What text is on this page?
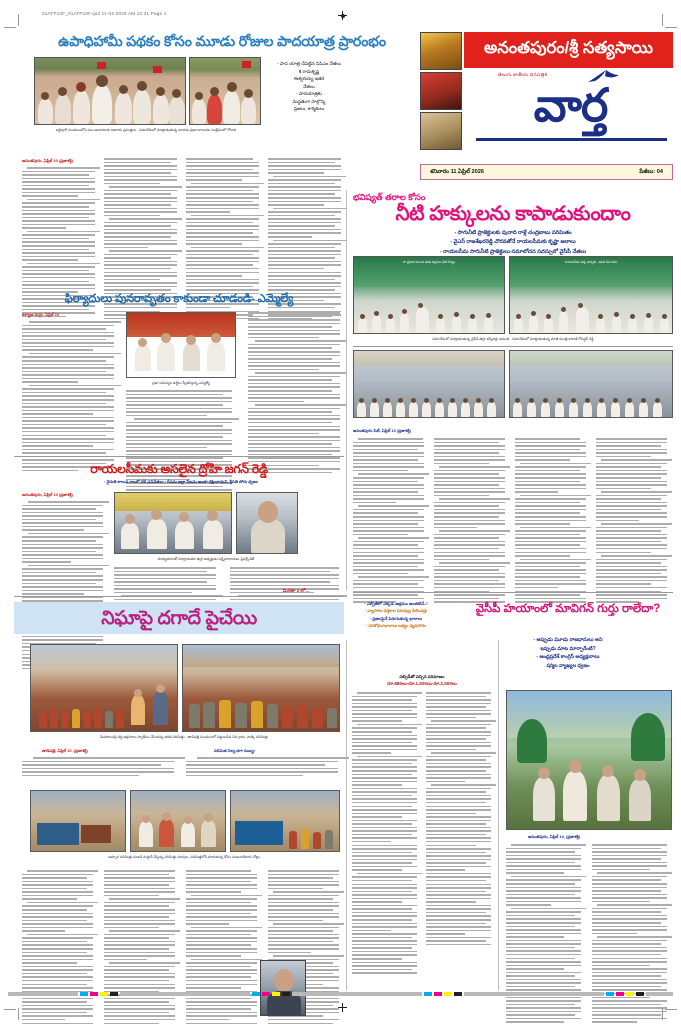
01ATP10F_01ATP10F.qxd 11-04-2026 AM 12:31 Page 1
ఉపాధిహామీ పథకం కోసం మూడు రోజుల పాదయాత్ర ప్రారంభం
బర్దిపూర్ మండలంలోని పలు ఆవాసాలకు ఆదాయ స్రవంత్తుల , సమావేశంలో మాట్లాడుతున్న నాయకు ప్రజల కాలువల సంక్షేమంలో గోదావ
- పాద యాత్ర చేపట్టిన సిపిఎం నేతలు
కె.రామకృష్ణ
ఈశ్వరయ్య ఇతర
నేతలు
- పాదయాత్రకు
మద్దతుగా పాల్గొన్న
ప్రజలు, కార్మికులు
అనంతపురం/శ్రీ సత్యసాయి
తెలుగు జాతీయ దినపత్రిక
వార్త
శనివారం 11 ఏప్రిల్ 2026	పేజీలు: 04
భవిష్యత్ తరాల కోసం
నీటి హక్కులను కాపాడుకుందాం
- సాగునీటి ప్రాజెక్టులకు పునాది రాళ్లే చంద్రబాబు పరిమితం
- వైఎస్ రాజశేఖరరెడ్డి చొరవతోనే రాయలసీమకు కృష్ణా జలాలు
- రాయలసీమ సాగునీటి ప్రాజెక్టులు-సమాలోచన సదస్సులో వైసీపీ నేతలు
నా ప్రధాన కాలువ కడప జిల్లాలు-నీటి సేద్యం	రాయలసీమ వక్క జాగృతి - కడప సేవ దళం
సమావేశంలో మాట్లాడుతున్న వైసీపీ జిల్లా కన్వీనర్లు అనంత , సమావేశంలో మాట్లాడుతున్న మాజీ మంత్రి కాకాణి గోవర్ధన్ రెడ్డి
అనంతపురం సిటీ, ఏప్రిల్ 10 (ప్రజాశక్తి)
అనంతపురం, ఏప్రిల్ 10 (ప్రజాశక్తి)
ఫిర్యాదులు పునరావృతం కాకుండా చూడండి- ఎమ్మెల్యే
ప్రజా సమస్యల అర్జీలు స్వీకరిస్తున్న ఎమ్మెల్యే
కళ్యాణ దుర్గం, ఏప్రిల్ 10
రాయలసీమకు అసలైన ద్రోహి జగన్ రెడ్డి
- నైరుతి కాలువ రాంలో చేరే పనివేతలు - రీసమ జల్లా నీటను అంతా రక్షించాడుని, శ్రీపతి పోరు ధ్వజం
మాధ్యమాలతో మాట్లాడుతూ జిల్లా అధ్యక్షుడు లక్ష్మీనారాయణ, ఫ్రెషర్స్‌నెట్
అనంతపురం, ఏప్రిల్ 10 (ప్రజాశక్తి)
మిగతా 2 లో...
నిఘాపై దగాదే పైచేయి
- ఎల్పీజీలో ఎక్కడ..అక్రమం అంతటినే..!
- వ్యాపారం వర్తకాల పరుపుల్ల సిలిండర్లు
- ప్రజలపైనే పెరుగుతున్న భారాలు
- పరిశోధనాధారాలు లభ్యం వ్యవహారం
వెంకటాంపల్లి వద్ద అక్రమాలు స్వాధీనం చేసుకున్న అధిక పరిమిత్తు , తాడిపత్రి మండలంలో పట్టుబడిన చిన గ్రామ, పాత్కె పరిమిత్తు
తాడిపత్రి, ఏప్రిల్ 10, (ప్రజాశక్తి)	పరిమిత నిల్వ,దగా సుబ్బు!
ఇన్సూర పరిమిత్తు-వంటకి మస్తాన్ వేస్తున్న పరిమిత్తు చూపుల, పరిమిత్తలోకి మారుతున్న కోసం వంటవాడికారు చోట్లు
సబ్సిడీతో వచ్చిన పరిమాణం
రూ.880లు-రూ.1,500లు-రూ.2,500లు
వైసీపీ హయాంలో మావిగన్ గుర్తు రాలేదా?
- అప్పుడు మూడు రాజధానులు అని
ఇప్పుడు మాట మార్చారేంటి?
- ఆంధ్రప్రదేశ్ కాంగ్రెస్ అధ్యక్షురాలు
షర్మిల వ్యాఖ్యల ధ్వజం
అనంతపురం, ఏప్రిల్ 10, (ప్రజాశక్తి)
